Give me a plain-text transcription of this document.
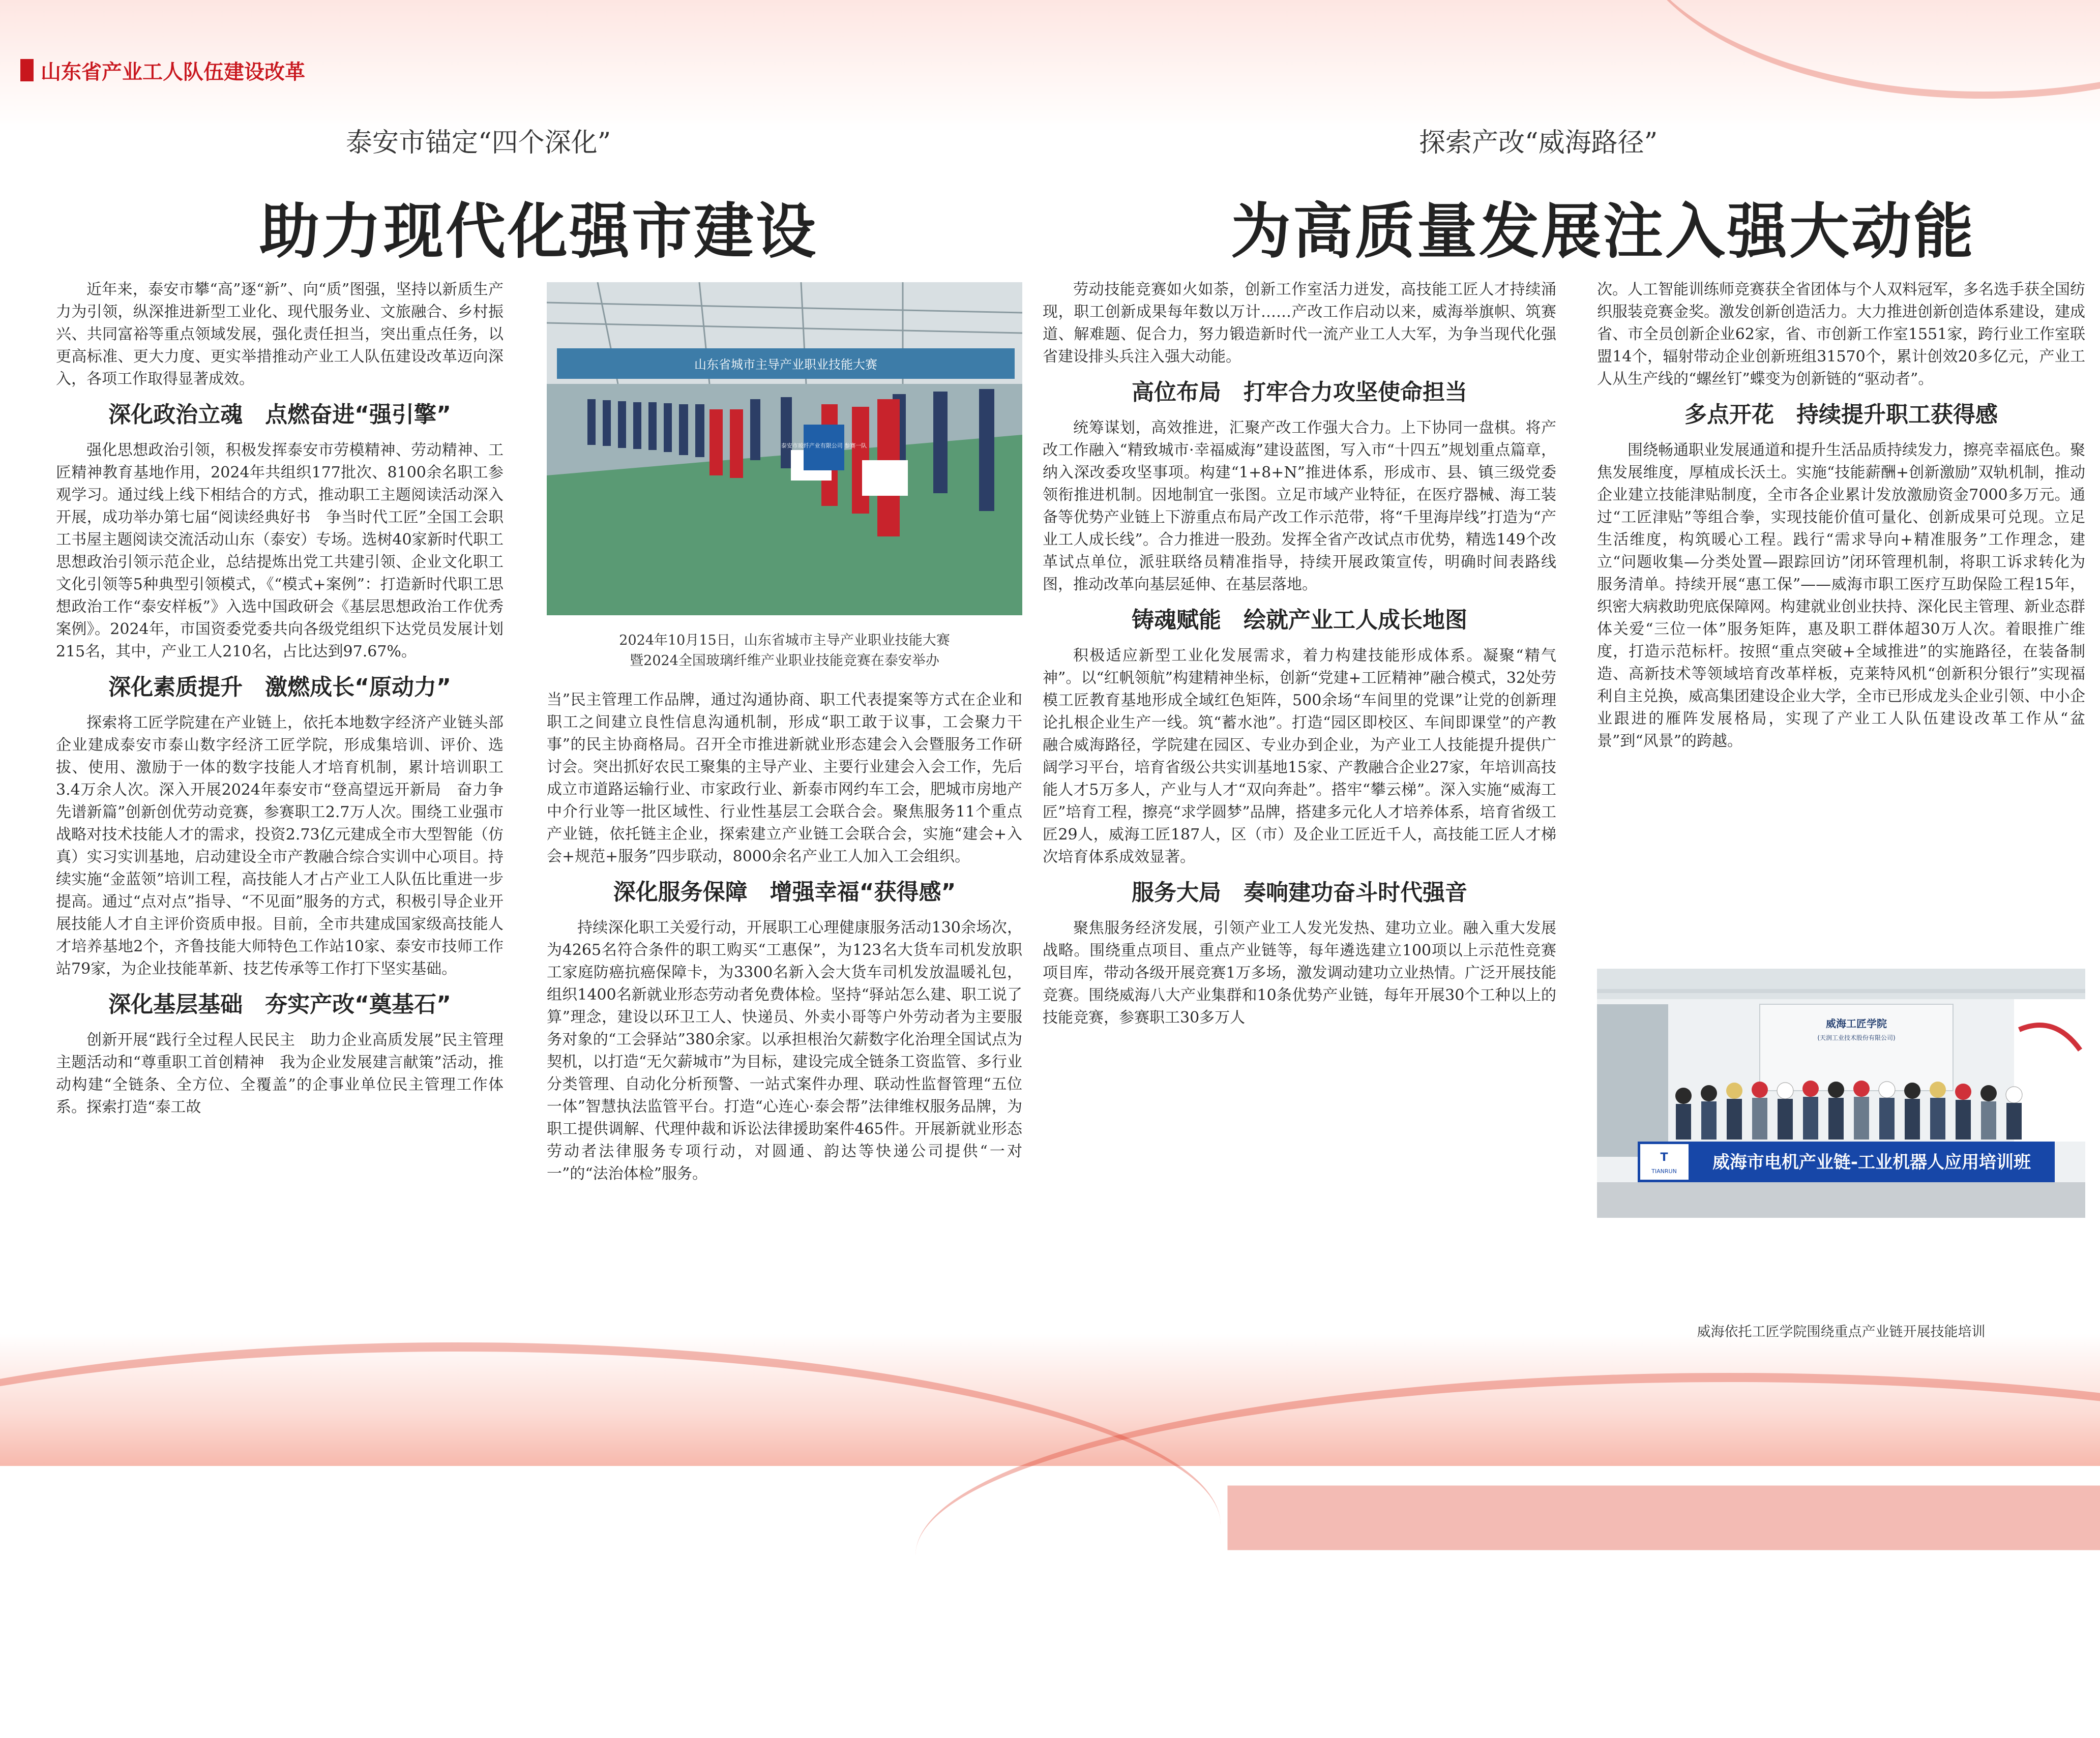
山东省产业工人队伍建设改革
泰安市锚定“四个深化”
助力现代化强市建设
探索产改“威海路径”
为高质量发展注入强大动能

近年来，泰安市攀“高”逐“新”、向“质”图强，坚持以新质生产力为引领，纵深推进新型工业化、现代服务业、文旅融合、乡村振兴、共同富裕等重点领域发展，强化责任担当，突出重点任务，以更高标准、更大力度、更实举措推动产业工人队伍建设改革迈向深入，各项工作取得显著成效。

深化政治立魂　点燃奋进“强引擎”

强化思想政治引领，积极发挥泰安市劳模精神、劳动精神、工匠精神教育基地作用，2024年共组织177批次、8100余名职工参观学习。通过线上线下相结合的方式，推动职工主题阅读活动深入开展，成功举办第七届“阅读经典好书　争当时代工匠”全国工会职工书屋主题阅读交流活动山东（泰安）专场。选树40家新时代职工思想政治引领示范企业，总结提炼出党工共建引领、企业文化职工文化引领等5种典型引领模式，《“模式+案例”：打造新时代职工思想政治工作“泰安样板”》入选中国政研会《基层思想政治工作优秀案例》。2024年，市国资委党委共向各级党组织下达党员发展计划215名，其中，产业工人210名，占比达到97.67%。

深化素质提升　激燃成长“原动力”

探索将工匠学院建在产业链上，依托本地数字经济产业链头部企业建成泰安市泰山数字经济工匠学院，形成集培训、评价、选拔、使用、激励于一体的数字技能人才培育机制，累计培训职工3.4万余人次。深入开展2024年泰安市“登高望远开新局　奋力争先谱新篇”创新创优劳动竞赛，参赛职工2.7万人次。围绕工业强市战略对技术技能人才的需求，投资2.73亿元建成全市大型智能（仿真）实习实训基地，启动建设全市产教融合综合实训中心项目。持续实施“金蓝领”培训工程，高技能人才占产业工人队伍比重进一步提高。通过“点对点”指导、“不见面”服务的方式，积极引导企业开展技能人才自主评价资质申报。目前，全市共建成国家级高技能人才培养基地2个，齐鲁技能大师特色工作站10家、泰安市技师工作站79家，为企业技能革新、技艺传承等工作打下坚实基础。

深化基层基础　夯实产改“奠基石”

创新开展“践行全过程人民民主　助力企业高质发展”民主管理主题活动和“尊重职工首创精神　我为企业发展建言献策”活动，推动构建“全链条、全方位、全覆盖”的企事业单位民主管理工作体系。探索打造“泰工故

山东省城市主导产业职业技能大赛
泰安市玻纤产业有限公司 参赛一队
2024年10月15日，山东省城市主导产业职业技能大赛
暨2024全国玻璃纤维产业职业技能竞赛在泰安举办

当”民主管理工作品牌，通过沟通协商、职工代表提案等方式在企业和职工之间建立良性信息沟通机制，形成“职工敢于议事，工会聚力干事”的民主协商格局。召开全市推进新就业形态建会入会暨服务工作研讨会。突出抓好农民工聚集的主导产业、主要行业建会入会工作，先后成立市道路运输行业、市家政行业、新泰市网约车工会，肥城市房地产中介行业等一批区域性、行业性基层工会联合会。聚焦服务11个重点产业链，依托链主企业，探索建立产业链工会联合会，实施“建会+入会+规范+服务”四步联动，8000余名产业工人加入工会组织。

深化服务保障　增强幸福“获得感”

持续深化职工关爱行动，开展职工心理健康服务活动130余场次，为4265名符合条件的职工购买“工惠保”，为123名大货车司机发放职工家庭防癌抗癌保障卡，为3300名新入会大货车司机发放温暖礼包，组织1400名新就业形态劳动者免费体检。坚持“驿站怎么建、职工说了算”理念，建设以环卫工人、快递员、外卖小哥等户外劳动者为主要服务对象的“工会驿站”380余家。以承担根治欠薪数字化治理全国试点为契机，以打造“无欠薪城市”为目标，建设完成全链条工资监管、多行业分类管理、自动化分析预警、一站式案件办理、联动性监督管理“五位一体”智慧执法监管平台。打造“心连心·泰会帮”法律维权服务品牌，为职工提供调解、代理仲裁和诉讼法律援助案件465件。开展新就业形态劳动者法律服务专项行动，对圆通、韵达等快递公司提供“一对一”的“法治体检”服务。

劳动技能竞赛如火如荼，创新工作室活力迸发，高技能工匠人才持续涌现，职工创新成果每年数以万计……产改工作启动以来，威海举旗帜、筑赛道、解难题、促合力，努力锻造新时代一流产业工人大军，为争当现代化强省建设排头兵注入强大动能。

高位布局　打牢合力攻坚使命担当

统筹谋划，高效推进，汇聚产改工作强大合力。上下协同一盘棋。将产改工作融入“精致城市·幸福威海”建设蓝图，写入市“十四五”规划重点篇章，纳入深改委攻坚事项。构建“1+8+N”推进体系，形成市、县、镇三级党委领衔推进机制。因地制宜一张图。立足市域产业特征，在医疗器械、海工装备等优势产业链上下游重点布局产改工作示范带，将“千里海岸线”打造为“产业工人成长线”。合力推进一股劲。发挥全省产改试点市优势，精选149个改革试点单位，派驻联络员精准指导，持续开展政策宣传，明确时间表路线图，推动改革向基层延伸、在基层落地。

铸魂赋能　绘就产业工人成长地图

积极适应新型工业化发展需求，着力构建技能形成体系。凝聚“精气神”。以“红帆领航”构建精神坐标，创新“党建+工匠精神”融合模式，32处劳模工匠教育基地形成全域红色矩阵，500余场“车间里的党课”让党的创新理论扎根企业生产一线。筑“蓄水池”。打造“园区即校区、车间即课堂”的产教融合威海路径，学院建在园区、专业办到企业，为产业工人技能提升提供广阔学习平台，培育省级公共实训基地15家、产教融合企业27家，年培训高技能人才5万多人，产业与人才“双向奔赴”。搭牢“攀云梯”。深入实施“威海工匠”培育工程，擦亮“求学圆梦”品牌，搭建多元化人才培养体系，培育省级工匠29人，威海工匠187人，区（市）及企业工匠近千人，高技能工匠人才梯次培育体系成效显著。

服务大局　奏响建功奋斗时代强音

聚焦服务经济发展，引领产业工人发光发热、建功立业。融入重大发展战略。围绕重点项目、重点产业链等，每年遴选建立100项以上示范性竞赛项目库，带动各级开展竞赛1万多场，激发调动建功立业热情。广泛开展技能竞赛。围绕威海八大产业集群和10条优势产业链，每年开展30个工种以上的技能竞赛，参赛职工30多万人

次。人工智能训练师竞赛获全省团体与个人双料冠军，多名选手获全国纺织服装竞赛金奖。激发创新创造活力。大力推进创新创造体系建设，建成省、市全员创新企业62家，省、市创新工作室1551家，跨行业工作室联盟14个，辐射带动企业创新班组31570个，累计创效20多亿元，产业工人从生产线的“螺丝钉”蝶变为创新链的“驱动者”。

多点开花　持续提升职工获得感

围绕畅通职业发展通道和提升生活品质持续发力，擦亮幸福底色。聚焦发展维度，厚植成长沃土。实施“技能薪酬+创新激励”双轨机制，推动企业建立技能津贴制度，全市各企业累计发放激励资金7000多万元。通过“工匠津贴”等组合拳，实现技能价值可量化、创新成果可兑现。立足生活维度，构筑暖心工程。践行“需求导向+精准服务”工作理念，建立“问题收集—分类处置—跟踪回访”闭环管理机制，将职工诉求转化为服务清单。持续开展“惠工保”——威海市职工医疗互助保险工程15年，织密大病救助兜底保障网。构建就业创业扶持、深化民主管理、新业态群体关爱“三位一体”服务矩阵，惠及职工群体超30万人次。着眼推广维度，打造示范标杆。按照“重点突破+全域推进”的实施路径，在装备制造、高新技术等领域培育改革样板，克莱特风机“创新积分银行”实现福利自主兑换，威高集团建设企业大学，全市已形成龙头企业引领、中小企业跟进的雁阵发展格局，实现了产业工人队伍建设改革工作从“盆景”到“风景”的跨越。

威海工匠学院
(天润工业技术股份有限公司)
T
TIANRUN 威海市电机产业链-工业机器人应用培训班
威海依托工匠学院围绕重点产业链开展技能培训
